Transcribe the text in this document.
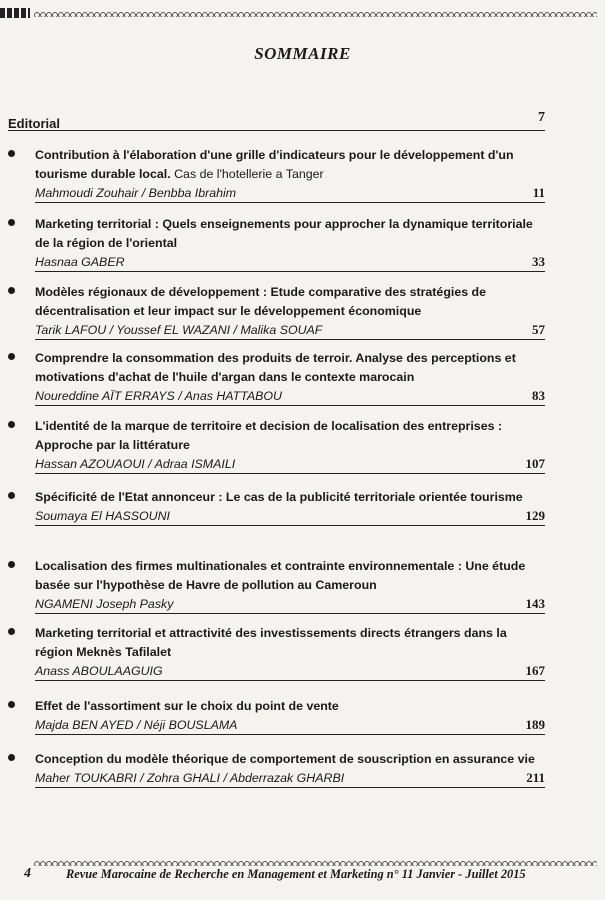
SOMMAIRE
Editorial	7
Contribution à l'élaboration d'une grille d'indicateurs pour le développement d'un tourisme durable local. Cas de l'hotellerie a Tanger
Mahmoudi Zouhair / Benbba Ibrahim	11
Marketing territorial : Quels enseignements pour approcher la dynamique territoriale de la région de l'oriental
Hasnaa GABER	33
Modèles régionaux de développement : Etude comparative des stratégies de décentralisation et leur impact sur le développement économique
Tarik LAFOU / Youssef EL WAZANI / Malika SOUAF	57
Comprendre la consommation des produits de terroir. Analyse des perceptions et motivations d'achat de l'huile d'argan dans le contexte marocain
Noureddine AÏT ERRAYS / Anas HATTABOU	83
L'identité de la marque de territoire et decision de localisation des entreprises : Approche par la littérature
Hassan AZOUAOUI / Adraa ISMAILI	107
Spécificité de l'Etat annonceur : Le cas de la publicité territoriale orientée tourisme
Soumaya El HASSOUNI	129
Localisation des firmes multinationales et contrainte environnementale : Une étude basée sur l'hypothèse de Havre de pollution au Cameroun
NGAMENI Joseph Pasky	143
Marketing territorial et attractivité des investissements directs étrangers dans la région Meknès Tafilalet
Anass ABOULAAGUIG	167
Effet de l'assortiment sur le choix du point de vente
Majda BEN AYED / Néji BOUSLAMA	189
Conception du modèle théorique de comportement de souscription en assurance vie
Maher TOUKABRI / Zohra GHALI / Abderrazak GHARBI	211
4	Revue Marocaine de Recherche en Management et Marketing n° 11 Janvier - Juillet 2015
